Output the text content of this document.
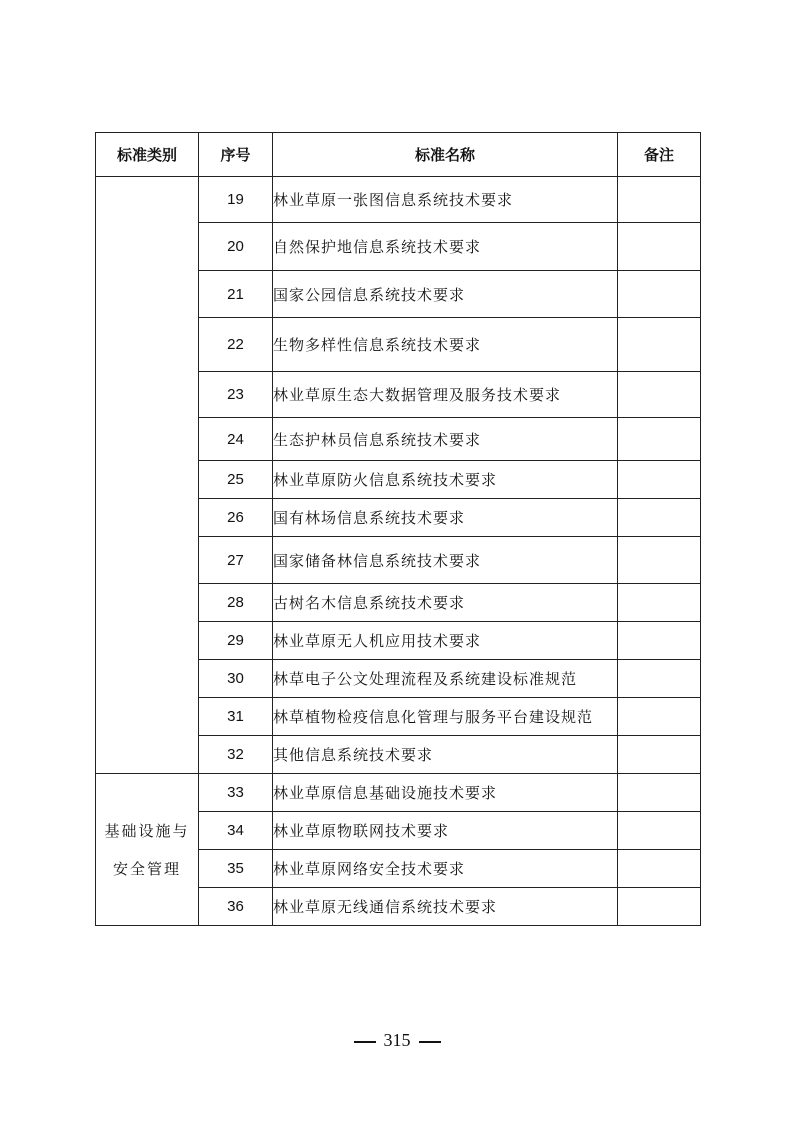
标准类别	序号	标准名称	备注
	19	林业草原一张图信息系统技术要求	
	20	自然保护地信息系统技术要求	
	21	国家公园信息系统技术要求	
	22	生物多样性信息系统技术要求	
	23	林业草原生态大数据管理及服务技术要求	
	24	生态护林员信息系统技术要求	
	25	林业草原防火信息系统技术要求	
	26	国有林场信息系统技术要求	
	27	国家储备林信息系统技术要求	
	28	古树名木信息系统技术要求	
	29	林业草原无人机应用技术要求	
	30	林草电子公文处理流程及系统建设标准规范	
	31	林草植物检疫信息化管理与服务平台建设规范	
	32	其他信息系统技术要求	

基础设施与
安全管理	33	林业草原信息基础设施技术要求	
	34	林业草原物联网技术要求	
	35	林业草原网络安全技术要求	
	36	林业草原无线通信系统技术要求	
315
